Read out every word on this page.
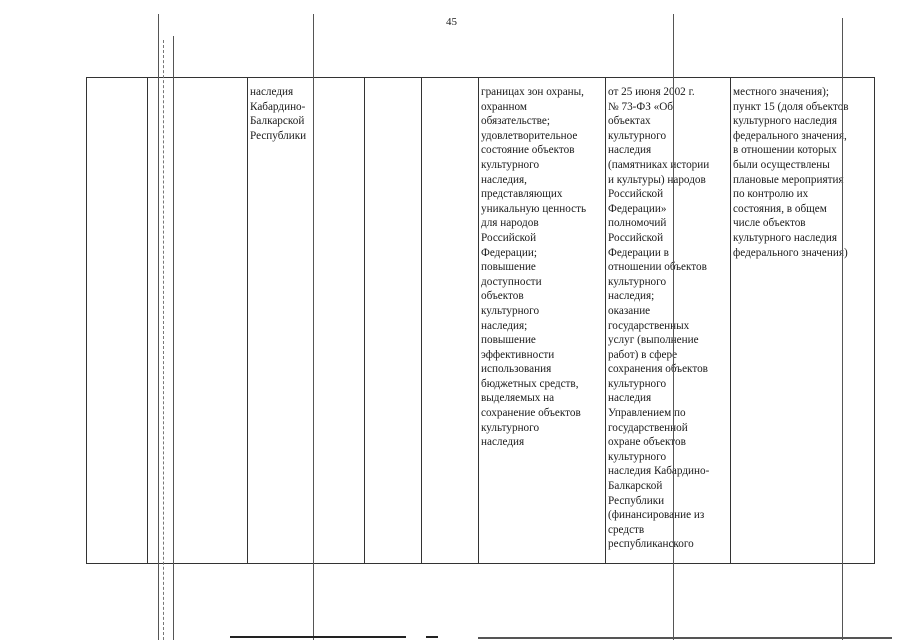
45
наследия
Кабардино-
Балкарской
Республики
границах зон охраны,
охранном
обязательстве;
удовлетворительное
состояние объектов
культурного
наследия,
представляющих
уникальную ценность
для народов
Российской
Федерации;
повышение
доступности
объектов
культурного
наследия;
повышение
эффективности
использования
бюджетных средств,
выделяемых на
сохранение объектов
культурного
наследия
от 25 июня 2002 г.
№ 73-ФЗ «Об
объектах
культурного
наследия
(памятниках истории
и культуры) народов
Российской
Федерации»
полномочий
Российской
Федерации в
отношении объектов
культурного
наследия;
оказание
государственных
услуг (выполнение
работ) в сфере
сохранения объектов
культурного
наследия
Управлением по
государственной
охране объектов
культурного
наследия Кабардино-
Балкарской
Республики
(финансирование из
средств
республиканского
местного значения);
пункт 15 (доля объектов
культурного наследия
федерального значения,
в отношении которых
были осуществлены
плановые мероприятия
по контролю их
состояния, в общем
числе объектов
культурного наследия
федерального значения)
